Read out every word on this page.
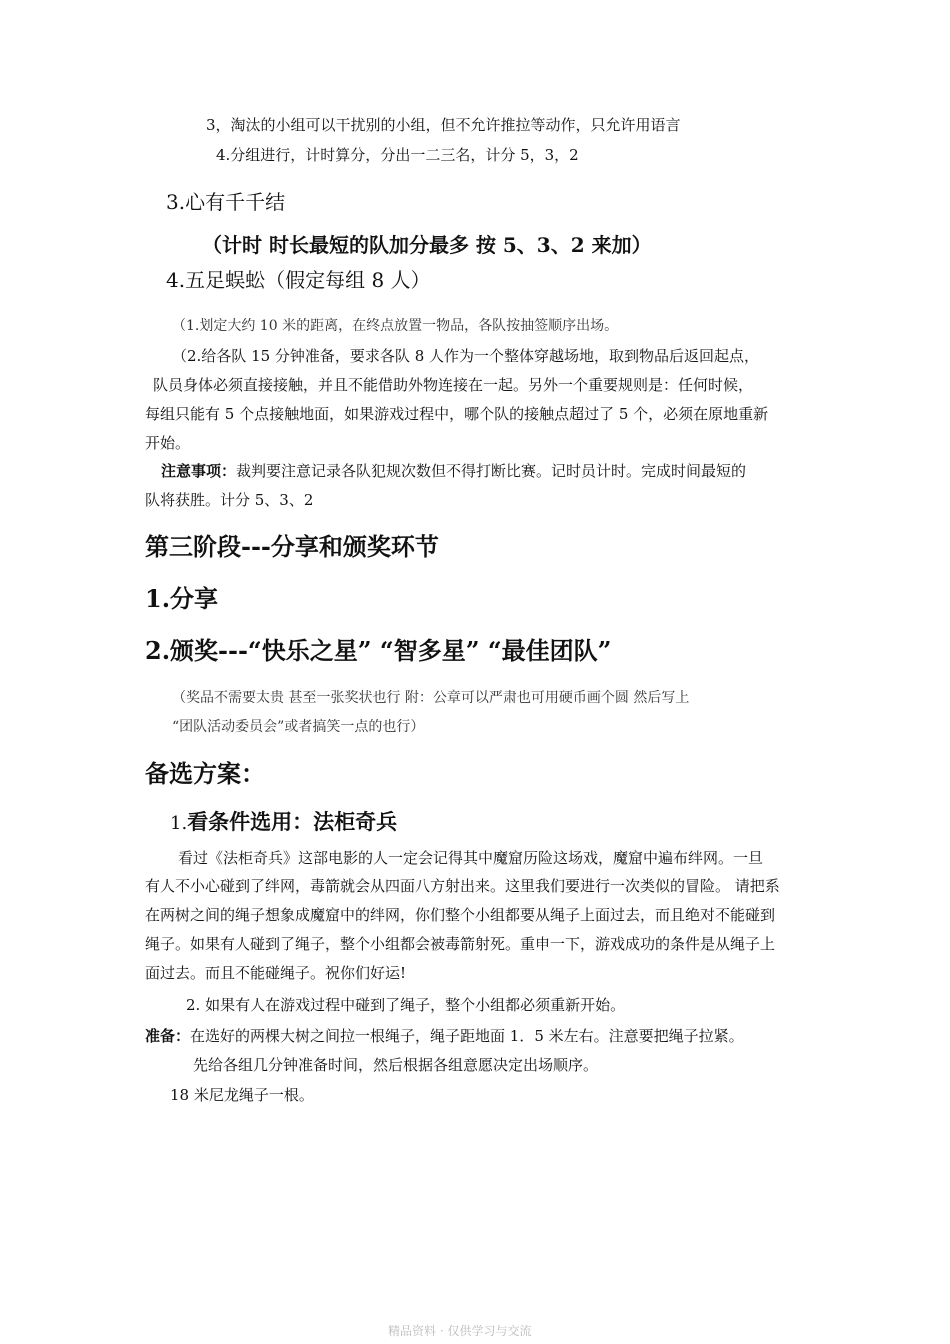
3，淘汰的小组可以干扰别的小组，但不允许推拉等动作，只允许用语言

4.分组进行，计时算分，分出一二三名，计分 5，3，2

3.心有千千结

（计时 时长最短的队加分最多 按 5、3、2 来加）

4.五足蜈蚣（假定每组 8 人）

（1.划定大约 10 米的距离，在终点放置一物品，各队按抽签顺序出场。

（2.给各队 15 分钟准备，要求各队 8 人作为一个整体穿越场地，取到物品后返回起点，

队员身体必须直接接触，并且不能借助外物连接在一起。另外一个重要规则是：任何时候，

每组只能有 5 个点接触地面，如果游戏过程中，哪个队的接触点超过了 5 个，必须在原地重新

开始。

注意事项：裁判要注意记录各队犯规次数但不得打断比赛。记时员计时。完成时间最短的

队将获胜。计分 5、3、2

第三阶段---分享和颁奖环节

1.分享

2.颁奖---“快乐之星” “智多星” “最佳团队”

（奖品不需要太贵 甚至一张奖状也行 附：公章可以严肃也可用硬币画个圆 然后写上

“团队活动委员会”或者搞笑一点的也行）

备选方案：

1.看条件选用：法柜奇兵

看过《法柜奇兵》这部电影的人一定会记得其中魔窟历险这场戏，魔窟中遍布绊网。一旦

有人不小心碰到了绊网，毒箭就会从四面八方射出来。这里我们要进行一次类似的冒险。 请把系

在两树之间的绳子想象成魔窟中的绊网，你们整个小组都要从绳子上面过去，而且绝对不能碰到

绳子。如果有人碰到了绳子，整个小组都会被毒箭射死。重申一下，游戏成功的条件是从绳子上

面过去。而且不能碰绳子。祝你们好运!

2. 如果有人在游戏过程中碰到了绳子，整个小组都必须重新开始。

准备：在选好的两棵大树之间拉一根绳子，绳子距地面 1．5 米左右。注意要把绳子拉紧。

先给各组几分钟准备时间，然后根据各组意愿决定出场顺序。

18 米尼龙绳子一根。

精品资料 · 仅供学习与交流
